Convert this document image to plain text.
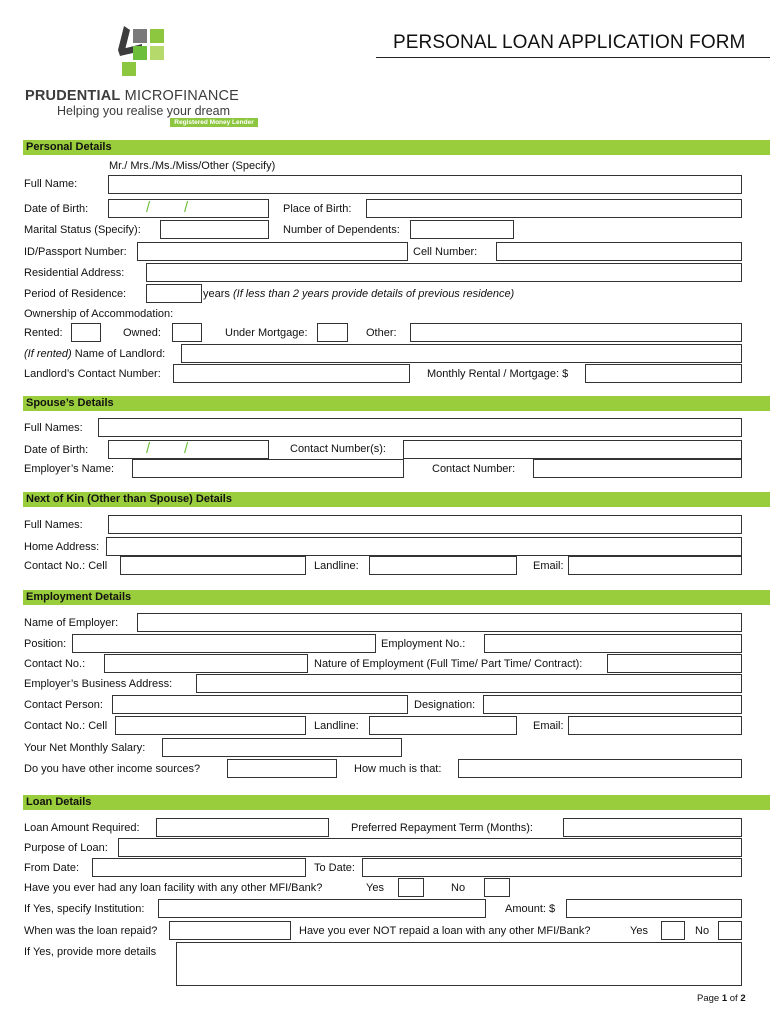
PRUDENTIAL MICROFINANCE
Helping you realise your dream
Registered Money Lender
PERSONAL LOAN APPLICATION FORM
Personal Details
Mr./ Mrs./Ms./Miss/Other (Specify)
Full Name:
Date of Birth:	/ /	Place of Birth:
Marital Status (Specify):	Number of Dependents:
ID/Passport Number:	Cell Number:
Residential Address:
Period of Residence:	years (If less than 2 years provide details of previous residence)
Ownership of Accommodation:
Rented:	Owned:	Under Mortgage:	Other:
(If rented) Name of Landlord:
Landlord’s Contact Number:	Monthly Rental / Mortgage: $
Spouse’s Details
Full Names:
Date of Birth:	/ /	Contact Number(s):
Employer’s Name:	Contact Number:
Next of Kin (Other than Spouse) Details
Full Names:
Home Address:
Contact No.: Cell	Landline:	Email:
Employment Details
Name of Employer:
Position:	Employment No.:
Contact No.:	Nature of Employment (Full Time/ Part Time/ Contract):
Employer’s Business Address:
Contact Person:	Designation:
Contact No.: Cell	Landline:	Email:
Your Net Monthly Salary:
Do you have other income sources?	How much is that:
Loan Details
Loan Amount Required:	Preferred Repayment Term (Months):
Purpose of Loan:
From Date:	To Date:
Have you ever had any loan facility with any other MFI/Bank?	Yes	No
If Yes, specify Institution:	Amount: $
When was the loan repaid?	Have you ever NOT repaid a loan with any other MFI/Bank?	Yes	No
If Yes, provide more details
Page 1 of 2
